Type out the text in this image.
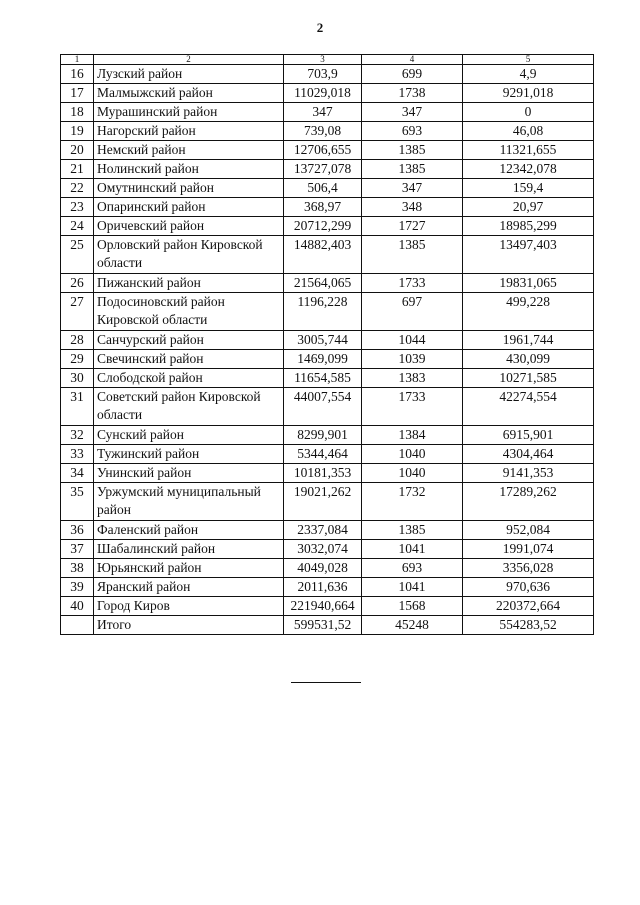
2
1	2	3	4	5
16	Лузский район	703,9	699	4,9
17	Малмыжский район	11029,018	1738	9291,018
18	Мурашинский район	347	347	0
19	Нагорский район	739,08	693	46,08
20	Немский район	12706,655	1385	11321,655
21	Нолинский район	13727,078	1385	12342,078
22	Омутнинский район	506,4	347	159,4
23	Опаринский район	368,97	348	20,97
24	Оричевский район	20712,299	1727	18985,299
25	Орловский район Кировской области	14882,403	1385	13497,403
26	Пижанский район	21564,065	1733	19831,065
27	Подосиновский район Кировской области	1196,228	697	499,228
28	Санчурский район	3005,744	1044	1961,744
29	Свечинский район	1469,099	1039	430,099
30	Слободской район	11654,585	1383	10271,585
31	Советский район Кировской области	44007,554	1733	42274,554
32	Сунский район	8299,901	1384	6915,901
33	Тужинский район	5344,464	1040	4304,464
34	Унинский район	10181,353	1040	9141,353
35	Уржумский муниципальный район	19021,262	1732	17289,262
36	Фаленский район	2337,084	1385	952,084
37	Шабалинский район	3032,074	1041	1991,074
38	Юрьянский район	4049,028	693	3356,028
39	Яранский район	2011,636	1041	970,636
40	Город Киров	221940,664	1568	220372,664
	Итого	599531,52	45248	554283,52
